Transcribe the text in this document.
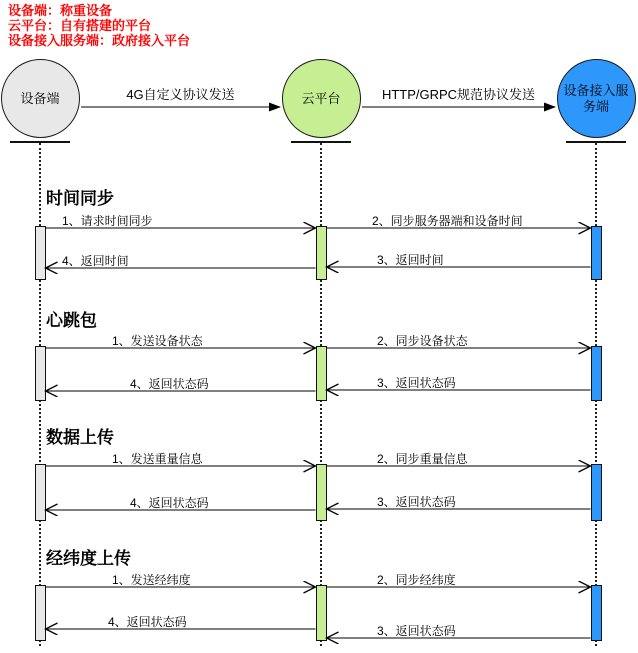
设备端：称重设备
云平台：自有搭建的平台
设备接入服务端：政府接入平台
设备端	云平台
设备接入服务端
4G自定义协议发送	HTTP/GRPC规范协议发送
时间同步
1、请求时间同步	2、同步服务器端和设备时间
3、返回时间
4、返回时间
心跳包
1、发送设备状态	2、同步设备状态
3、返回状态码
4、返回状态码
数据上传
1、发送重量信息	2、同步重量信息
3、返回状态码
4、返回状态码
经纬度上传
1、发送经纬度	2、同步经纬度
3、返回状态码
4、返回状态码
